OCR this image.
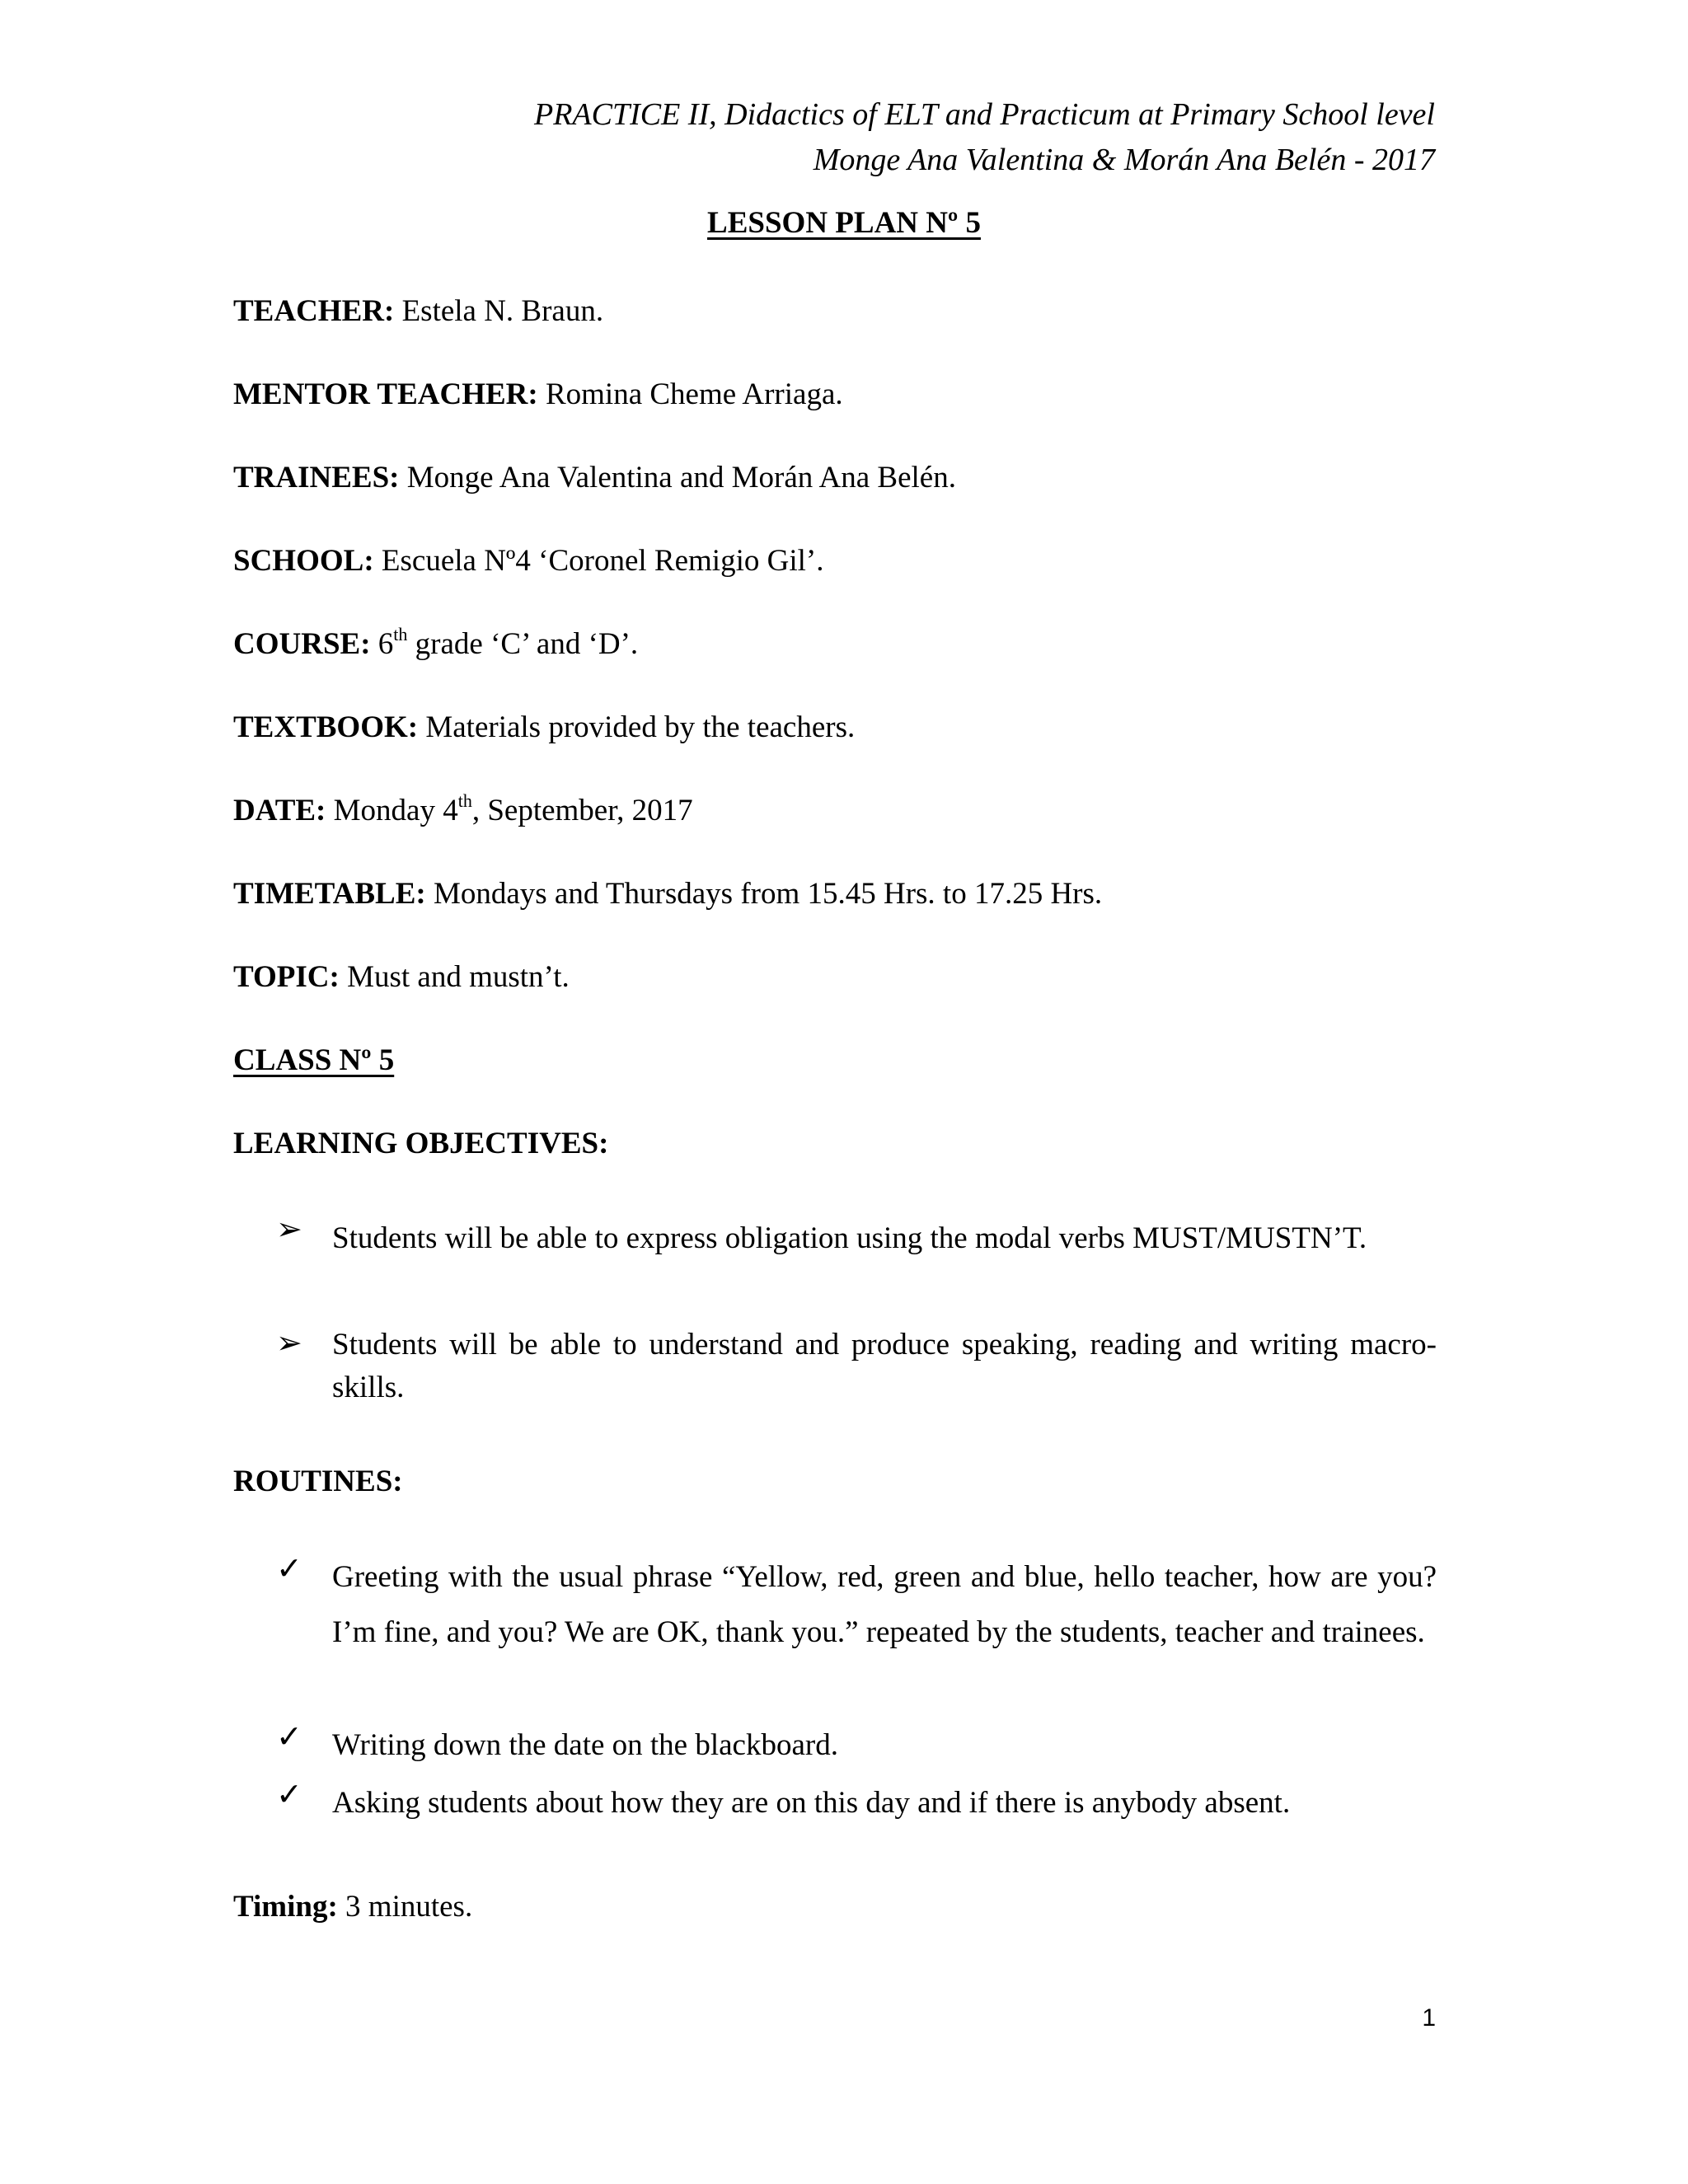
PRACTICE II, Didactics of ELT and Practicum at Primary School level
Monge Ana Valentina & Morán Ana Belén - 2017
LESSON PLAN Nº 5
TEACHER: Estela N. Braun.
MENTOR TEACHER: Romina Cheme Arriaga.
TRAINEES: Monge Ana Valentina and Morán Ana Belén.
SCHOOL: Escuela Nº4 ‘Coronel Remigio Gil’.
COURSE: 6th grade ‘C’ and ‘D’.
TEXTBOOK: Materials provided by the teachers.
DATE: Monday 4th, September, 2017
TIMETABLE: Mondays and Thursdays from 15.45 Hrs. to 17.25 Hrs.
TOPIC: Must and mustn’t.
CLASS Nº 5
LEARNING OBJECTIVES:
➢ Students will be able to express obligation using the modal verbs MUST/MUSTN’T.
➢ Students will be able to understand and produce speaking, reading and writing macro-skills.
ROUTINES:
✓ Greeting with the usual phrase “Yellow, red, green and blue, hello teacher, how are you? I’m fine, and you? We are OK, thank you.” repeated by the students, teacher and trainees.
✓ Writing down the date on the blackboard.
✓ Asking students about how they are on this day and if there is anybody absent.
Timing: 3 minutes.
1
